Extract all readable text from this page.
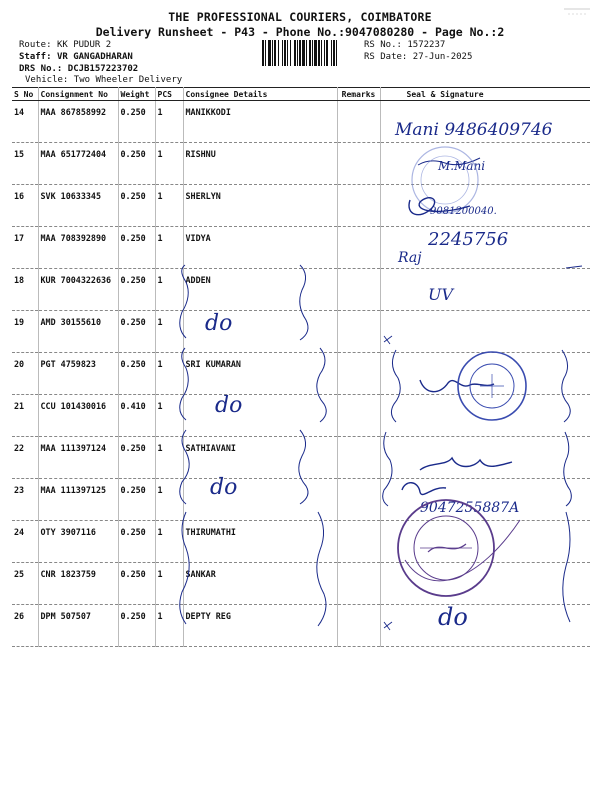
THE PROFESSIONAL COURIERS, COIMBATORE
Delivery Runsheet - P43 - Phone No.:9047080280 - Page No.:2
Route: KK PUDUR 2
Staff: VR GANGADHARAN
DRS No.: DCJB157223702
Vehicle: Two Wheeler Delivery
RS No.: 1572237
RS Date: 27-Jun-2025
S No	Consignment No	Weight	PCS	Consignee Details	Remarks	Seal & Signature
14	MAA 867858992	0.250	1	MANIKKODI		
15	MAA 651772404	0.250	1	RISHNU		
16	SVK 10633345	0.250	1	SHERLYN		
17	MAA 708392890	0.250	1	VIDYA		
18	KUR 7004322636	0.250	1	ADDEN		
19	AMD 30155610	0.250	1			
20	PGT 4759823	0.250	1	SRI KUMARAN		
21	CCU 101430016	0.410	1			
22	MAA 111397124	0.250	1	SATHIAVANI		
23	MAA 111397125	0.250	1			
24	OTY 3907116	0.250	1	THIRUMATHI		
25	CNR 1823759	0.250	1	SANKAR		
26	DPM 507507	0.250	1	DEPTY REG		
Mani 9486409746
M.Mani
9081200040.
2245756
Raj
UV
do
do
do
9047255887A
do
